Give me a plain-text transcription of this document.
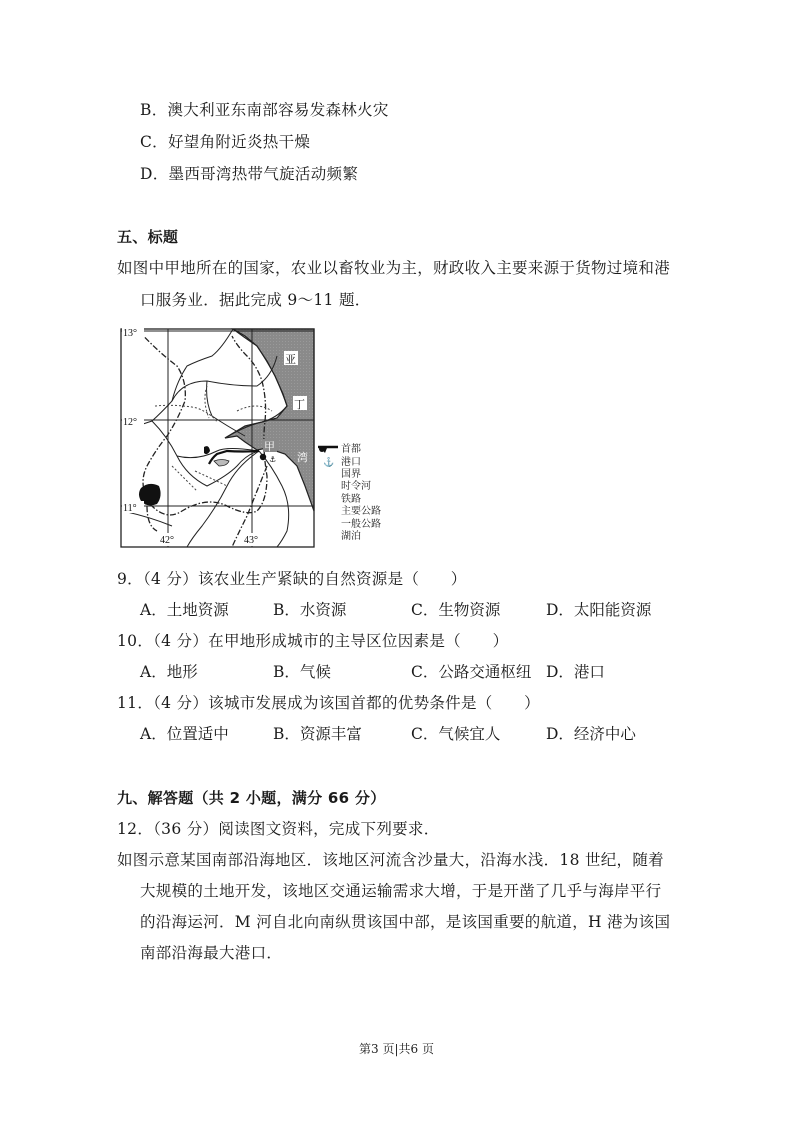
B．澳大利亚东南部容易发森林火灾
C．好望角附近炎热干燥
D．墨西哥湾热带气旋活动频繁
五、标题
如图中甲地所在的国家，农业以畜牧业为主，财政收入主要来源于货物过境和港
口服务业．据此完成 9～11 题．
⚓
13°
12°
11°
42°	43°
亚
丁
湾
甲	首都
⚓ 港口
国界
时令河
铁路
主要公路
一般公路
湖泊
9．（4 分）该农业生产紧缺的自然资源是（　　）
A．土地资源	B．水资源	C．生物资源	D．太阳能资源
10．（4 分）在甲地形成城市的主导区位因素是（　　）
A．地形	B．气候	C．公路交通枢纽 D．港口
11．（4 分）该城市发展成为该国首都的优势条件是（　　）
A．位置适中	B．资源丰富	C．气候宜人	D．经济中心
九、解答题（共 2 小题，满分 66 分）
12．（36 分）阅读图文资料，完成下列要求．
如图示意某国南部沿海地区．该地区河流含沙量大，沿海水浅．18 世纪，随着
大规模的土地开发，该地区交通运输需求大增，于是开凿了几乎与海岸平行
的沿海运河．M 河自北向南纵贯该国中部，是该国重要的航道，H 港为该国
南部沿海最大港口．
第3 页|共6 页
